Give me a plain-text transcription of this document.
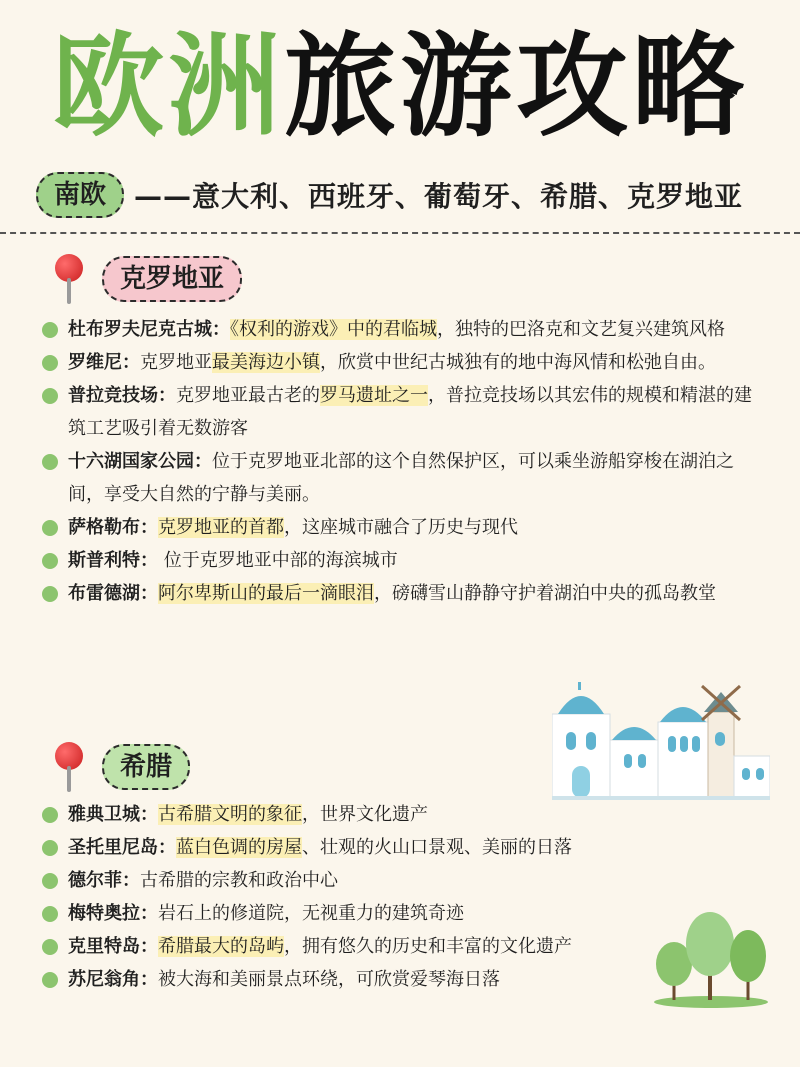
欧洲旅游攻略
南欧	——意大利、西班牙、葡萄牙、希腊、克罗地亚
克罗地亚
杜布罗夫尼克古城：《权利的游戏》中的君临城，独特的巴洛克和文艺复兴建筑风格
罗维尼：克罗地亚最美海边小镇，欣赏中世纪古城独有的地中海风情和松弛自由。
普拉竞技场：克罗地亚最古老的罗马遗址之一，普拉竞技场以其宏伟的规模和精湛的建筑工艺吸引着无数游客
十六湖国家公园：位于克罗地亚北部的这个自然保护区，可以乘坐游船穿梭在湖泊之间，享受大自然的宁静与美丽。
萨格勒布：克罗地亚的首都，这座城市融合了历史与现代
斯普利特： 位于克罗地亚中部的海滨城市
布雷德湖：阿尔卑斯山的最后一滴眼泪，磅礴雪山静静守护着湖泊中央的孤岛教堂
希腊
雅典卫城：古希腊文明的象征，世界文化遗产
圣托里尼岛：蓝白色调的房屋、壮观的火山口景观、美丽的日落
德尔菲：古希腊的宗教和政治中心
梅特奥拉：岩石上的修道院，无视重力的建筑奇迹
克里特岛：希腊最大的岛屿，拥有悠久的历史和丰富的文化遗产
苏尼翁角：被大海和美丽景点环绕，可欣赏爱琴海日落
